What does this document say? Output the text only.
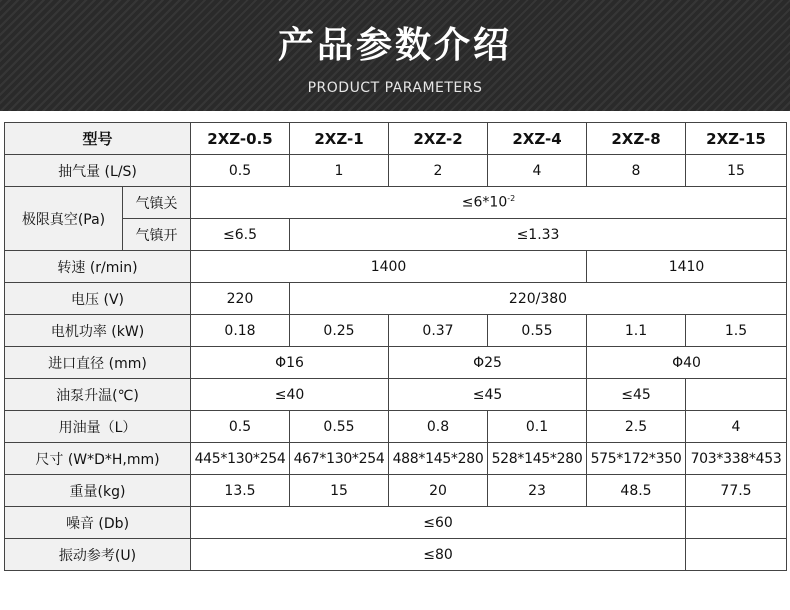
产品参数介绍
PRODUCT PARAMETERS
型号		2XZ-0.5	2XZ-1	2XZ-2	2XZ-4	2XZ-8	2XZ-15
抽气量 (L/S)		0.5	1	2	4	8	15
极限真空(Pa)	气镇关	$\le 6*10^{-2}$
	气镇开	≤6.5	≤1.33				
转速 (r/min)		1400				1410	
电压 (V)		220	220/380				
电机功率 (kW)		0.18	0.25	0.37	0.55	1.1	1.5
进口直径 (mm)		Φ16		Φ25		Φ40	
油泵升温(℃)		≤40		≤45		≤45	
用油量（L）		0.5	0.55	0.8	0.1	2.5	4
尺寸 (W*D*H,mm)		445*130*254	467*130*254	488*145*280	528*145*280	575*172*350	703*338*453
重量(kg)		13.5	15	20	23	48.5	77.5
噪音 (Db)		≤60					
振动参考(U)		≤80					
